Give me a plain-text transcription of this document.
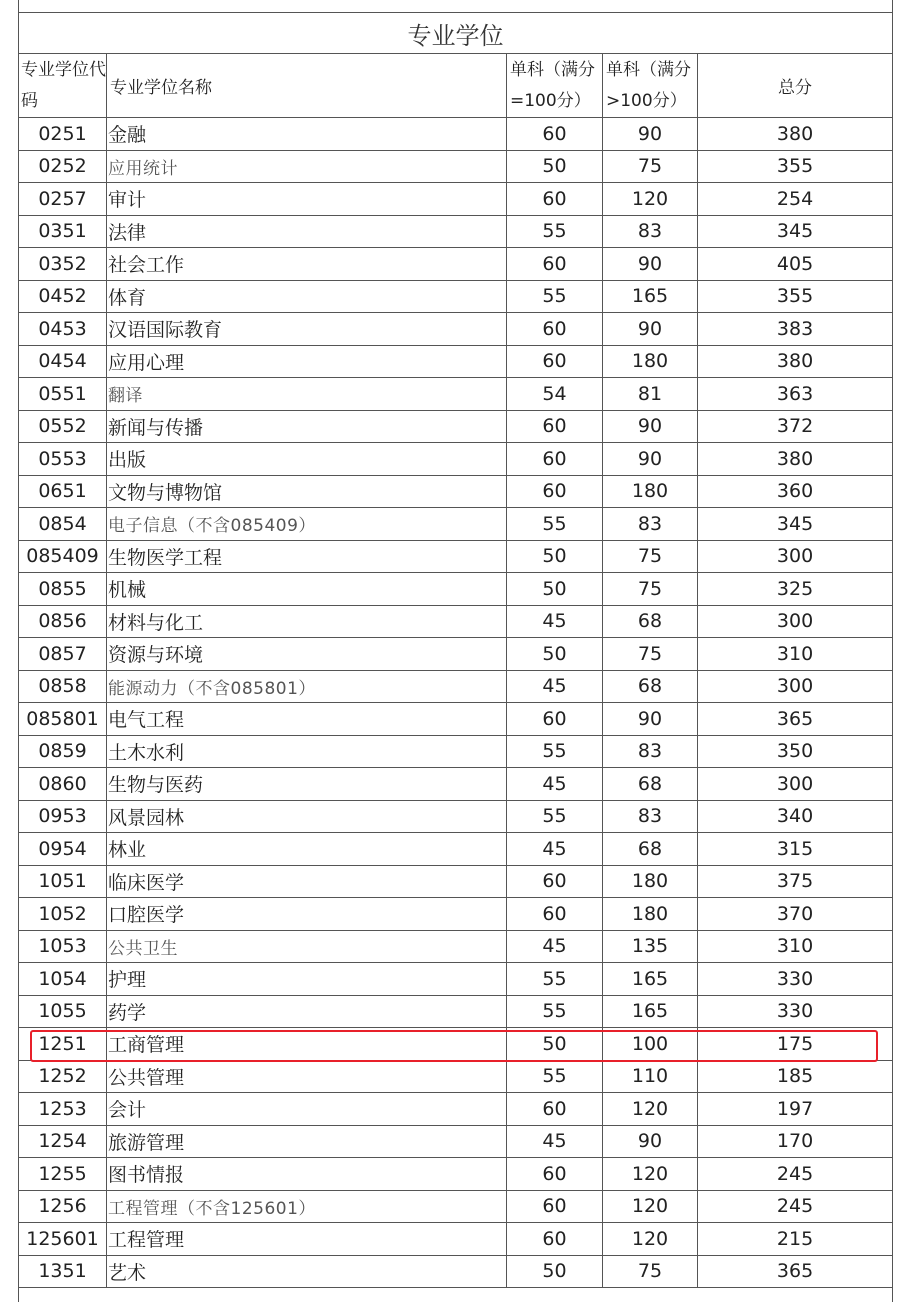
专业学位				
专业学位代码	专业学位名称	单科（满分=100分）	单科（满分>100分）	总分
0251	金融	60	90	380
0252	应用统计	50	75	355
0257	审计	60	120	254
0351	法律	55	83	345
0352	社会工作	60	90	405
0452	体育	55	165	355
0453	汉语国际教育	60	90	383
0454	应用心理	60	180	380
0551	翻译	54	81	363
0552	新闻与传播	60	90	372
0553	出版	60	90	380
0651	文物与博物馆	60	180	360
0854	电子信息（不含085409）	55	83	345
085409	生物医学工程	50	75	300
0855	机械	50	75	325
0856	材料与化工	45	68	300
0857	资源与环境	50	75	310
0858	能源动力（不含085801）	45	68	300
085801	电气工程	60	90	365
0859	土木水利	55	83	350
0860	生物与医药	45	68	300
0953	风景园林	55	83	340
0954	林业	45	68	315
1051	临床医学	60	180	375
1052	口腔医学	60	180	370
1053	公共卫生	45	135	310
1054	护理	55	165	330
1055	药学	55	165	330
1251	工商管理	50	100	175
1252	公共管理	55	110	185
1253	会计	60	120	197
1254	旅游管理	45	90	170
1255	图书情报	60	120	245
1256	工程管理（不含125601）	60	120	245
125601	工程管理	60	120	215
1351	艺术	50	75	365
